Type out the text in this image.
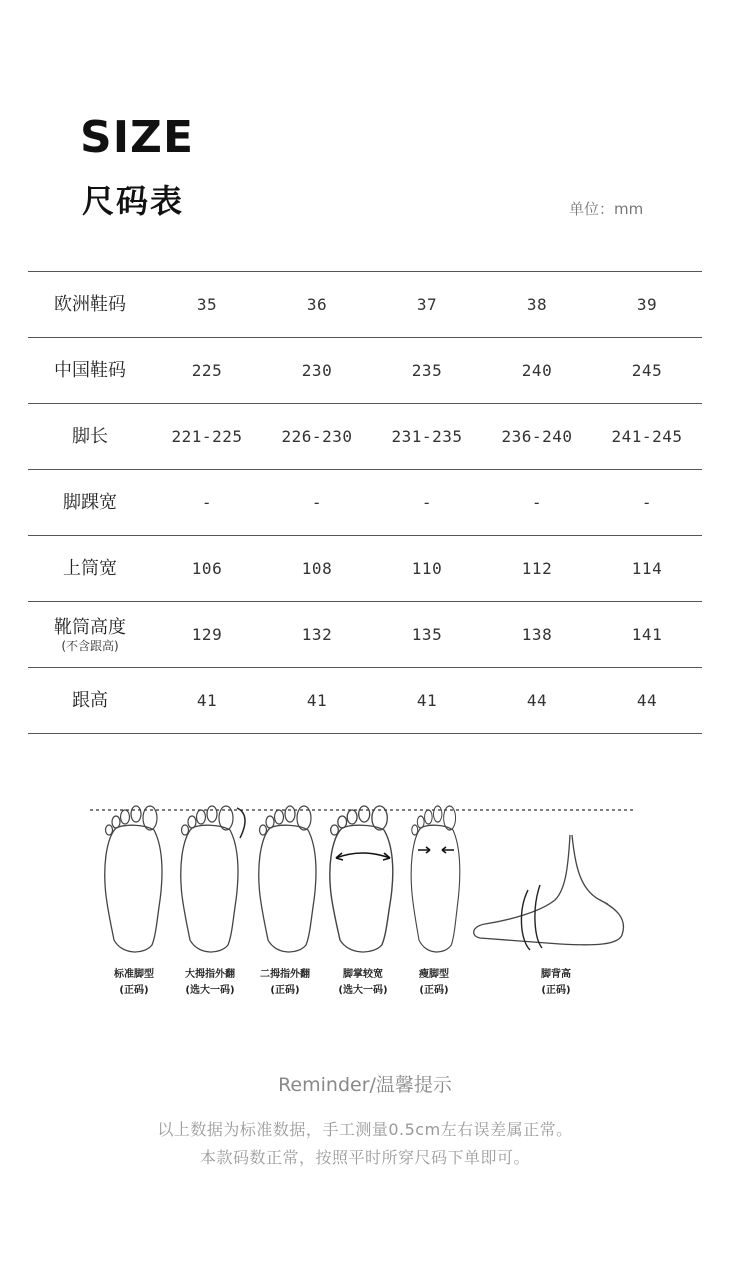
SIZE
尺码表	单位：mm
欧洲鞋码	35	36	37	38	39

中国鞋码	225	230	235	240	245

脚长	221-225	226-230	231-235	236-240	241-245

脚踝宽	-	-	-	-	-

上筒宽	106	108	110	112	114

靴筒高度
(不含跟高)	129	132	135	138	141

跟高	41	41	41	44	44
标准脚型
(正码)
大拇指外翻
(选大一码)
二拇指外翻
(正码)
脚掌较宽
(选大一码)
瘦脚型
(正码)
脚背高
(正码)
Reminder/温馨提示
以上数据为标准数据，手工测量0.5cm左右误差属正常。
本款码数正常，按照平时所穿尺码下单即可。
